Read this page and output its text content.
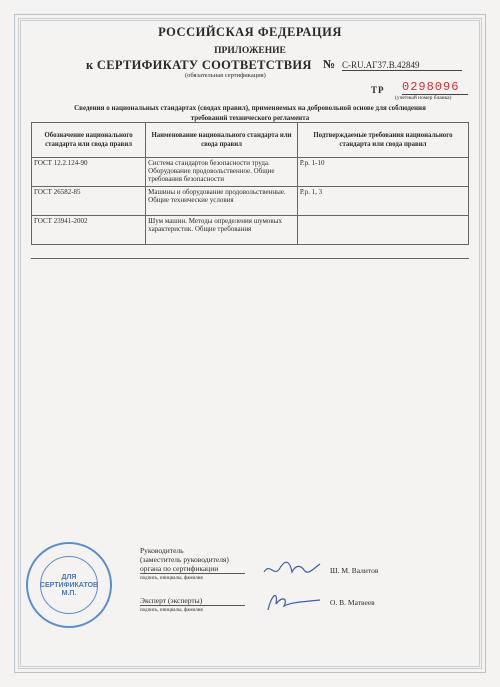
РОССИЙСКАЯ ФЕДЕРАЦИЯ
ПРИЛОЖЕНИЕ
к СЕРТИФИКАТУ СООТВЕТСТВИЯ № C-RU.АГ37.В.42849
(обязательная сертификация)
ТР 0298096
(учетный номер бланка)
Сведения о национальных стандартах (сводах правил), применяемых на добровольной основе для соблюдения требований технического регламента
Обозначение национального стандарта или свода правил	Наименование национального стандарта или свода правил	Подтверждаемые требования национального стандарта или свода правил
ГОСТ 12.2.124-90	Система стандартов безопасности труда. Оборудование продовольственное. Общие требования безопасности	Р.р. 1-10
ГОСТ 26582-85	Машины и оборудование продовольственные. Общие технические условия	Р.р. 1, 3
ГОСТ 23941-2002	Шум машин. Методы определения шумовых характеристик. Общие требования	
Руководитель
(заместитель руководителя)
органа по сертификации
подпись, инициалы, фамилия
Ш. М. Валитов
Эксперт (эксперты)
подпись, инициалы, фамилия
О. В. Матвеев
ДЛЯ
СЕРТИФИКАТОВ
М.П.
